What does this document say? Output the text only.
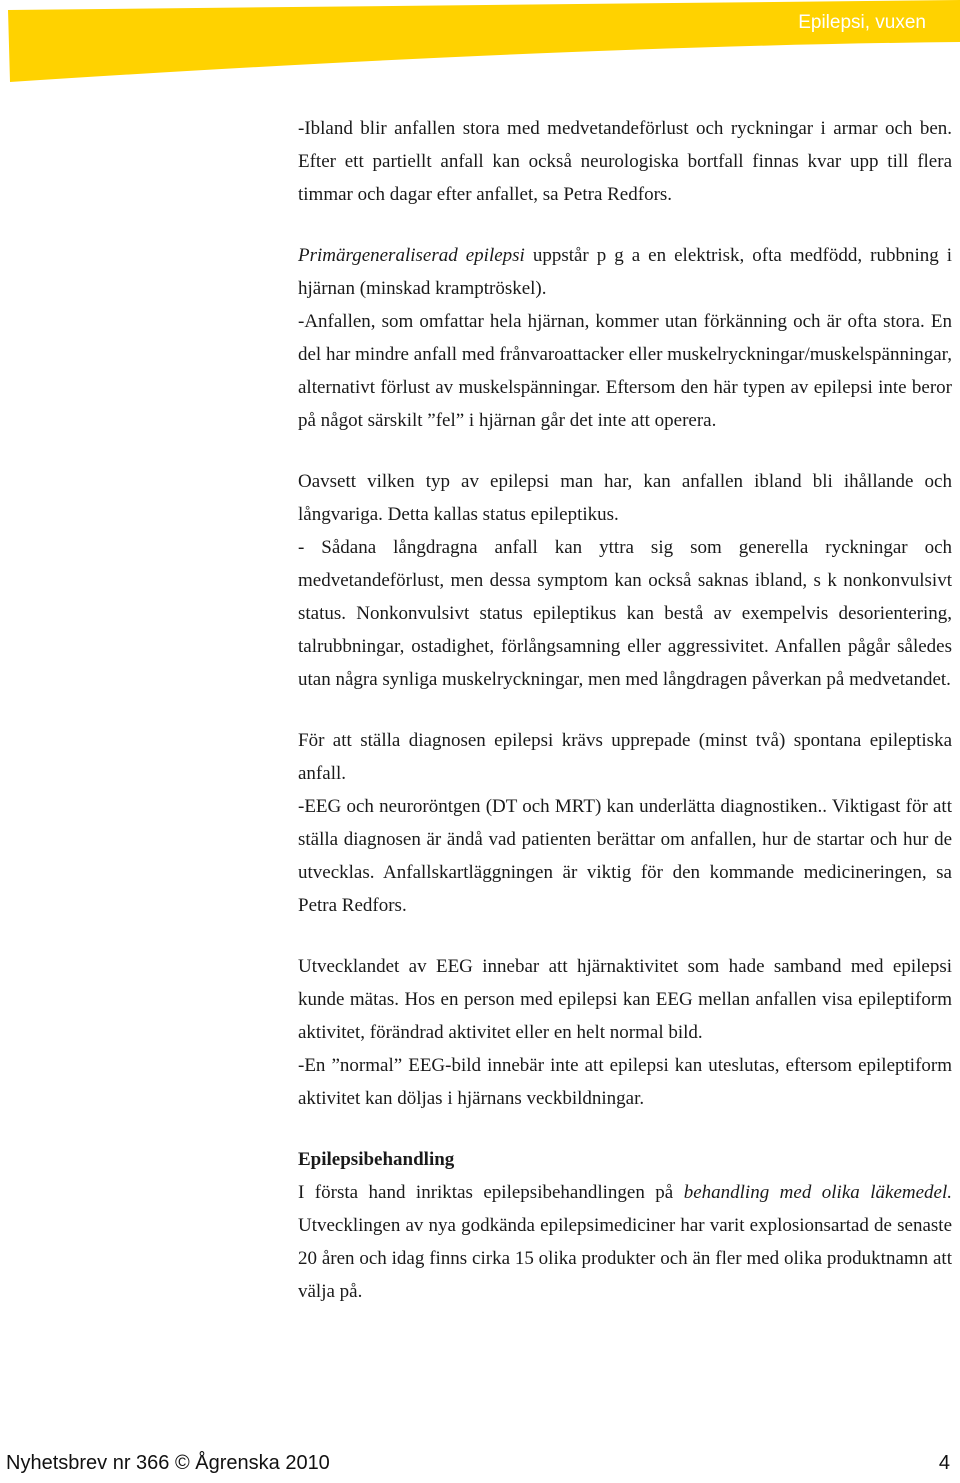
Epilepsi, vuxen

-Ibland blir anfallen stora med medvetandeförlust och ryckningar i armar och ben. Efter ett partiellt anfall kan också neurologiska bortfall finnas kvar upp till flera timmar och dagar efter anfallet, sa Petra Redfors.

Primärgeneraliserad epilepsi uppstår p g a en elektrisk, ofta medfödd, rubbning i hjärnan (minskad kramptröskel).

-Anfallen, som omfattar hela hjärnan, kommer utan förkänning och är ofta stora. En del har mindre anfall med frånvaroattacker eller muskelryckningar/muskelspänningar, alternativt förlust av muskelspänningar. Eftersom den här typen av epilepsi inte beror på något särskilt ”fel” i hjärnan går det inte att operera.

Oavsett vilken typ av epilepsi man har, kan anfallen ibland bli ihållande och långvariga. Detta kallas status epileptikus.

- Sådana långdragna anfall kan yttra sig som generella ryckningar och medvetandeförlust, men dessa symptom kan också saknas ibland, s k nonkonvulsivt status. Nonkonvulsivt status epileptikus kan bestå av exempelvis desorientering, talrubbningar, ostadighet, förlångsamning eller aggressivitet. Anfallen pågår således utan några synliga muskelryckningar, men med långdragen påverkan på medvetandet.

För att ställa diagnosen epilepsi krävs upprepade (minst två) spontana epileptiska anfall.

-EEG och neuroröntgen (DT och MRT) kan underlätta diagnostiken.. Viktigast för att ställa diagnosen är ändå vad patienten berättar om anfallen, hur de startar och hur de utvecklas. Anfallskartläggningen är viktig för den kommande medicineringen, sa Petra Redfors.

Utvecklandet av EEG innebar att hjärnaktivitet som hade samband med epilepsi kunde mätas. Hos en person med epilepsi kan EEG mellan anfallen visa epileptiform aktivitet, förändrad aktivitet eller en helt normal bild.

-En ”normal” EEG-bild innebär inte att epilepsi kan uteslutas, eftersom epileptiform aktivitet kan döljas i hjärnans veckbildningar.

Epilepsibehandling

I första hand inriktas epilepsibehandlingen på behandling med olika läkemedel. Utvecklingen av nya godkända epilepsimediciner har varit explosionsartad de senaste 20 åren och idag finns cirka 15 olika produkter och än fler med olika produktnamn att välja på.

Nyhetsbrev nr 366 © Ågrenska 2010	4
